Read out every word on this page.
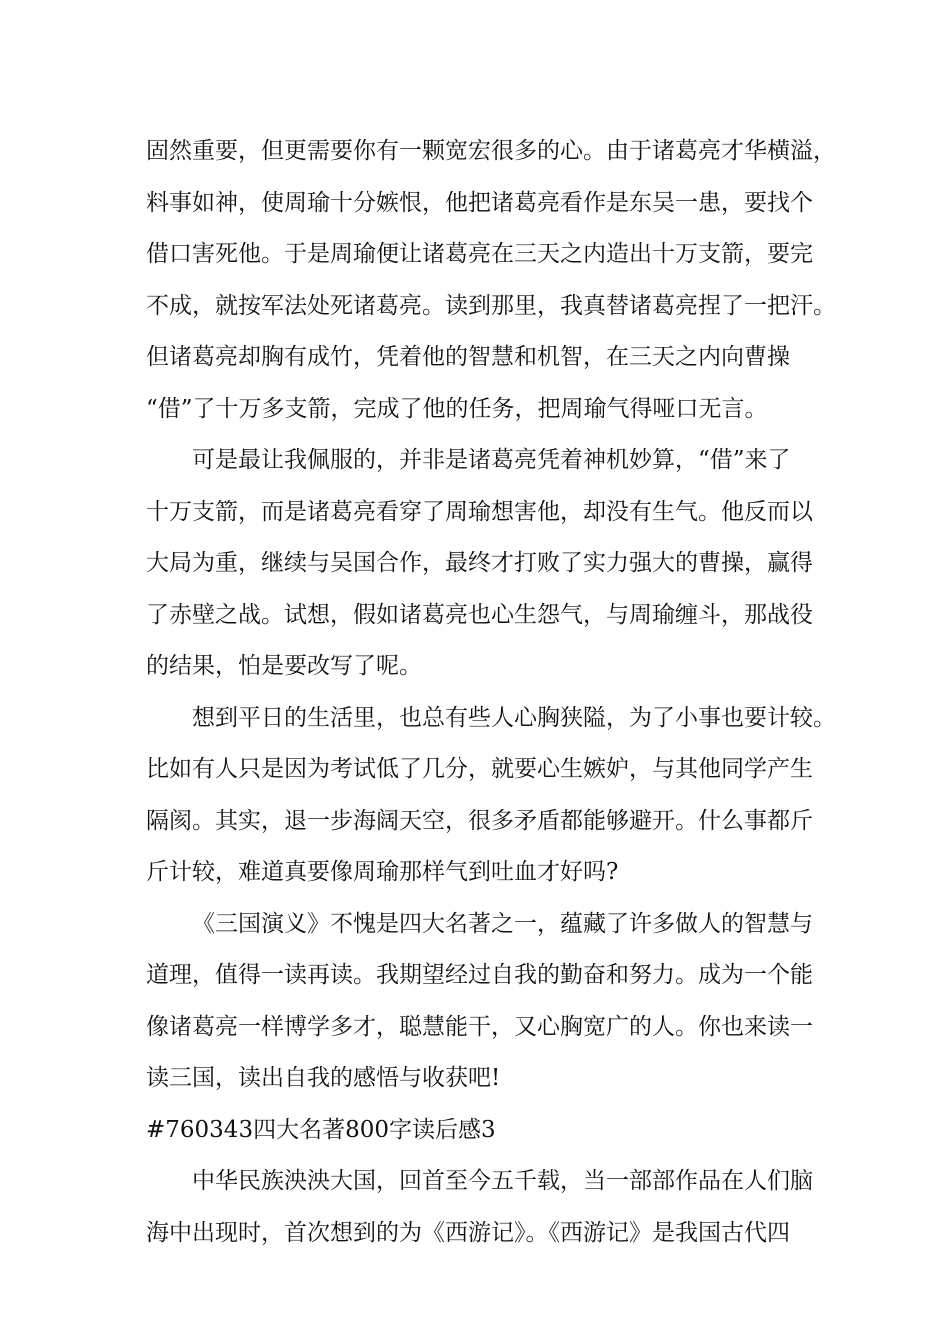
固然重要，但更需要你有一颗宽宏很多的心。由于诸葛亮才华横溢，
料事如神，使周瑜十分嫉恨，他把诸葛亮看作是东吴一患，要找个
借口害死他。于是周瑜便让诸葛亮在三天之内造出十万支箭，要完
不成，就按军法处死诸葛亮。读到那里，我真替诸葛亮捏了一把汗。
但诸葛亮却胸有成竹，凭着他的智慧和机智，在三天之内向曹操
“借”了十万多支箭，完成了他的任务，把周瑜气得哑口无言。

可是最让我佩服的，并非是诸葛亮凭着神机妙算，“借”来了
十万支箭，而是诸葛亮看穿了周瑜想害他，却没有生气。他反而以
大局为重，继续与吴国合作，最终才打败了实力强大的曹操，赢得
了赤壁之战。试想，假如诸葛亮也心生怨气，与周瑜缠斗，那战役
的结果，怕是要改写了呢。

想到平日的生活里，也总有些人心胸狭隘，为了小事也要计较。
比如有人只是因为考试低了几分，就要心生嫉妒，与其他同学产生
隔阂。其实，退一步海阔天空，很多矛盾都能够避开。什么事都斤
斤计较，难道真要像周瑜那样气到吐血才好吗?

《三国演义》不愧是四大名著之一，蕴藏了许多做人的智慧与
道理，值得一读再读。我期望经过自我的勤奋和努力。成为一个能
像诸葛亮一样博学多才，聪慧能干，又心胸宽广的人。你也来读一
读三国，读出自我的感悟与收获吧!

#760343四大名著800字读后感3

中华民族泱泱大国，回首至今五千载，当一部部作品在人们脑
海中出现时，首次想到的为《西游记》。《西游记》是我国古代四
